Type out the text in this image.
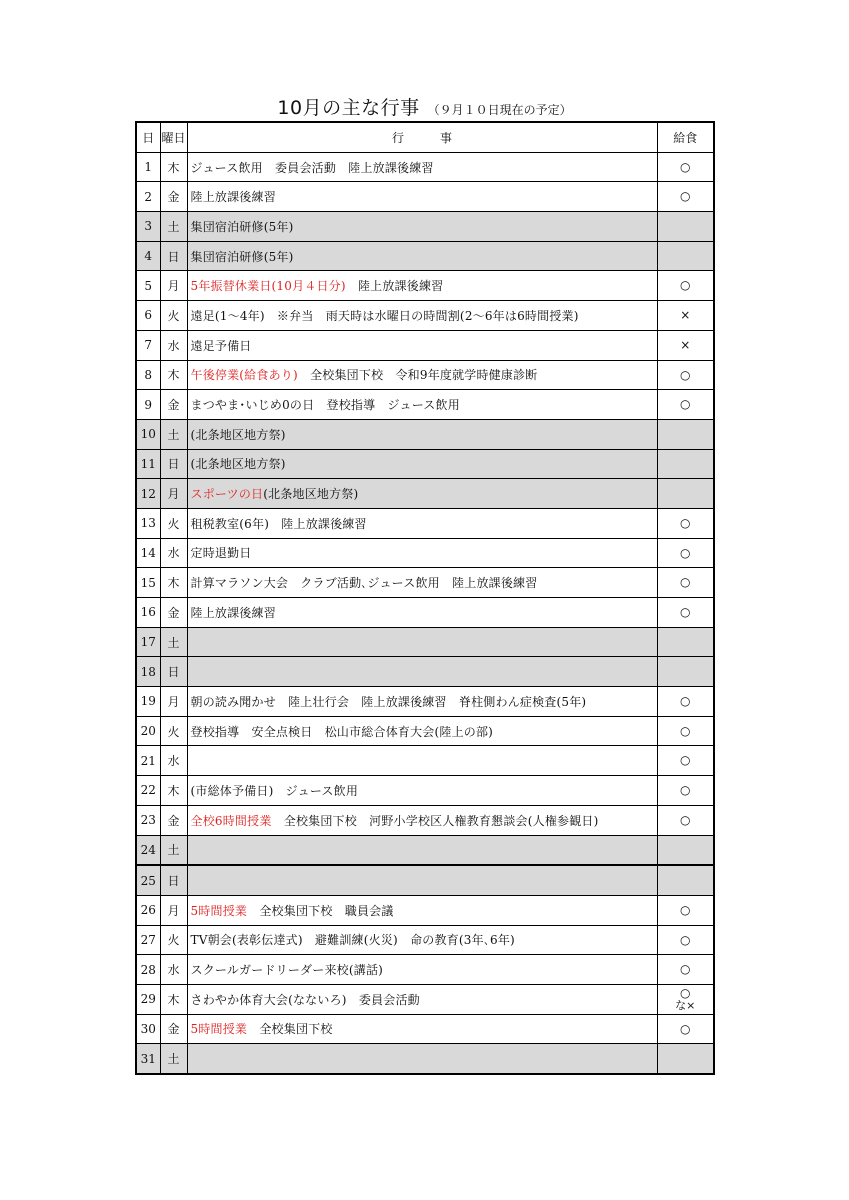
10月の主な行事 （９月１０日現在の予定）
日	曜日	行　　　事	給食
1	木	ジュース飲用　委員会活動　陸上放課後練習	○
2	金	陸上放課後練習	○
3	土	集団宿泊研修(5年)	
4	日	集団宿泊研修(5年)	
5	月	5年振替休業日(10月４日分)　陸上放課後練習	○
6	火	遠足(1～4年)　※弁当　雨天時は水曜日の時間割(2～6年は6時間授業)	×
7	水	遠足予備日	×
8	木	午後停業(給食あり)　全校集団下校　令和9年度就学時健康診断	○
9	金	まつやま･いじめ0の日　登校指導　ジュース飲用	○
10	土	(北条地区地方祭)	
11	日	(北条地区地方祭)	
12	月	スポーツの日(北条地区地方祭)	
13	火	租税教室(6年)　陸上放課後練習	○
14	水	定時退勤日	○
15	木	計算マラソン大会　クラブ活動､ジュース飲用　陸上放課後練習	○
16	金	陸上放課後練習	○
17	土		
18	日		
19	月	朝の読み聞かせ　陸上壮行会　陸上放課後練習　脊柱側わん症検査(5年)	○
20	火	登校指導　安全点検日　松山市総合体育大会(陸上の部)	○
21	水		○
22	木	(市総体予備日)　ジュース飲用	○
23	金	全校6時間授業　全校集団下校　河野小学校区人権教育懇談会(人権参観日)	○
24	土		
25	日		
26	月	5時間授業　全校集団下校　職員会議	○
27	火	TV朝会(表彰伝達式)　避難訓練(火災)　命の教育(3年､6年)	○
28	水	スクールガードリーダー来校(講話)	○
29	木	さわやか体育大会(なないろ)　委員会活動	○
な×

30	金	5時間授業　全校集団下校	○
31	土		
